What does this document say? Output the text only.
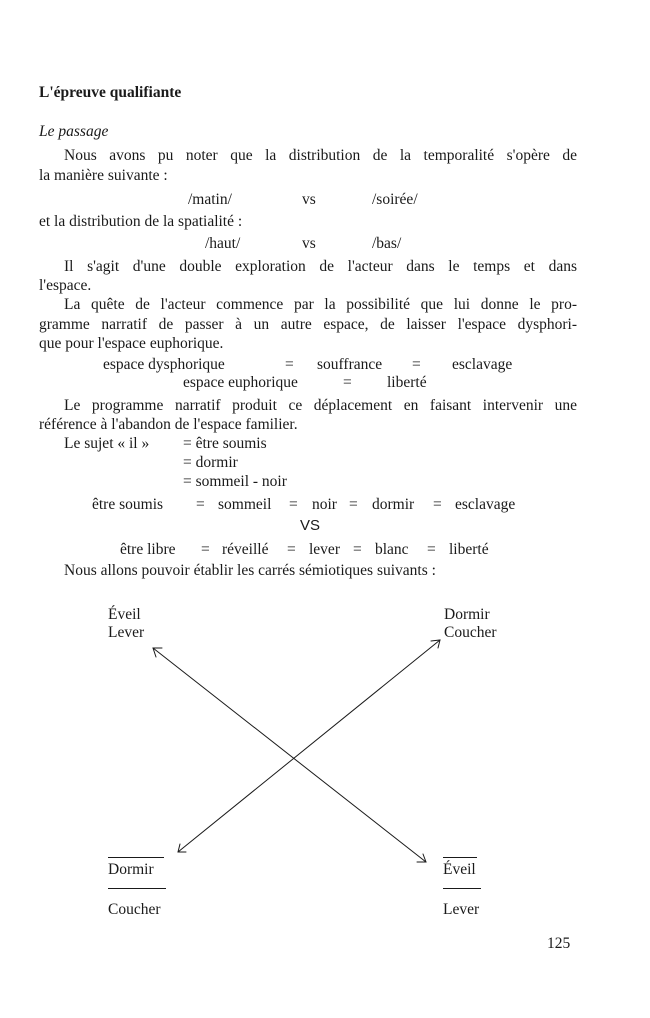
L'épreuve qualifiante
Le passage
Nous avons pu noter que la distribution de la temporalité s'opère de
la manière suivante :
/matin/	vs	/soirée/
et la distribution de la spatialité :
/haut/	vs	/bas/
Il s'agit d'une double exploration de l'acteur dans le temps et dans
l'espace.
La quête de l'acteur commence par la possibilité que lui donne le pro-
gramme narratif de passer à un autre espace, de laisser l'espace dysphori-
que pour l'espace euphorique.
espace dysphorique	= souffrance = esclavage
espace euphorique	= liberté
Le programme narratif produit ce déplacement en faisant intervenir une
référence à l'abandon de l'espace familier.
Le sujet « il » = être soumis
= dormir
= sommeil - noir
être soumis = sommeil = noir = dormir = esclavage
VS
être libre = réveillé = lever = blanc = liberté
Nous allons pouvoir établir les carrés sémiotiques suivants :
Éveil
Lever
Dormir
Coucher
Dormir
Coucher
Éveil
Lever
125
